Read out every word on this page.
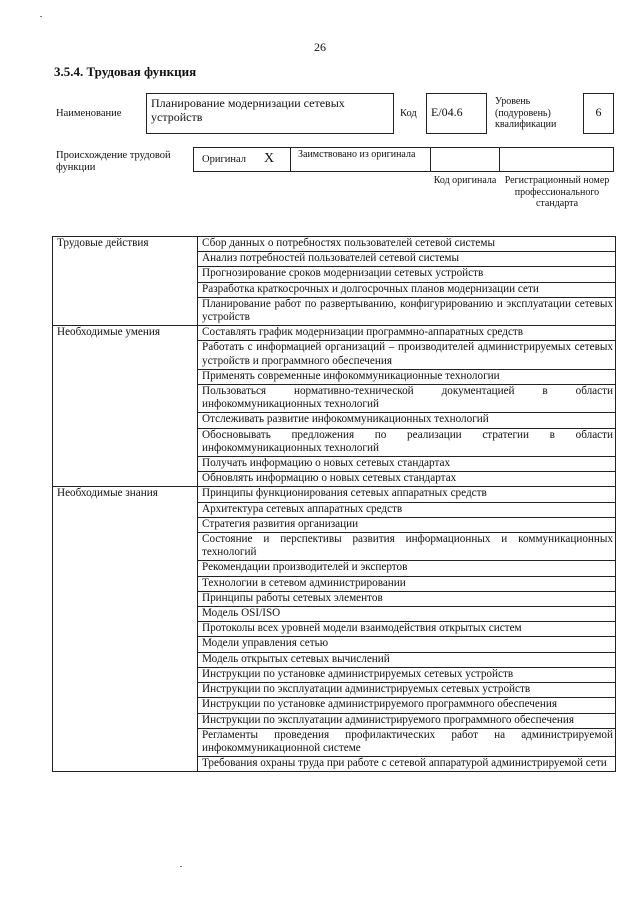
26
3.5.4. Трудовая функция
Наименование
Планирование модернизации сетевых устройств	Код	E/04.6
Уровень (подуровень) квалификации
6
Происхождение трудовой функции
Оригинал X Заимствовано из оригинала
Код оригинала Регистрационный номер профессионального стандарта
Трудовые действия	Сбор данных о потребностях пользователей сетевой системы
	Анализ потребностей пользователей сетевой системы
	Прогнозирование сроков модернизации сетевых устройств
	Разработка краткосрочных и долгосрочных планов модернизации сети
	Планирование работ по развертыванию, конфигурированию и эксплуатации сетевых устройств
Необходимые умения	Составлять график модернизации программно-аппаратных средств
	Работать с информацией организаций – производителей администрируемых сетевых устройств и программного обеспечения
	Применять современные инфокоммуникационные технологии
	Пользоваться нормативно-технической документацией в области инфокоммуникационных технологий
	Отслеживать развитие инфокоммуникационных технологий
	Обосновывать предложения по реализации стратегии в области инфокоммуникационных технологий
	Получать информацию о новых сетевых стандартах
	Обновлять информацию о новых сетевых стандартах
Необходимые знания	Принципы функционирования сетевых аппаратных средств
	Архитектура сетевых аппаратных средств
	Стратегия развития организации
	Состояние и перспективы развития информационных и коммуникационных технологий
	Рекомендации производителей и экспертов
	Технологии в сетевом администрировании
	Принципы работы сетевых элементов
	Модель OSI/ISO
	Протоколы всех уровней модели взаимодействия открытых систем
	Модели управления сетью
	Модель открытых сетевых вычислений
	Инструкции по установке администрируемых сетевых устройств
	Инструкции по эксплуатации администрируемых сетевых устройств
	Инструкции по установке администрируемого программного обеспечения
	Инструкции по эксплуатации администрируемого программного обеспечения
	Регламенты проведения профилактических работ на администрируемой инфокоммуникационной системе
	Требования охраны труда при работе с сетевой аппаратурой администрируемой сети
